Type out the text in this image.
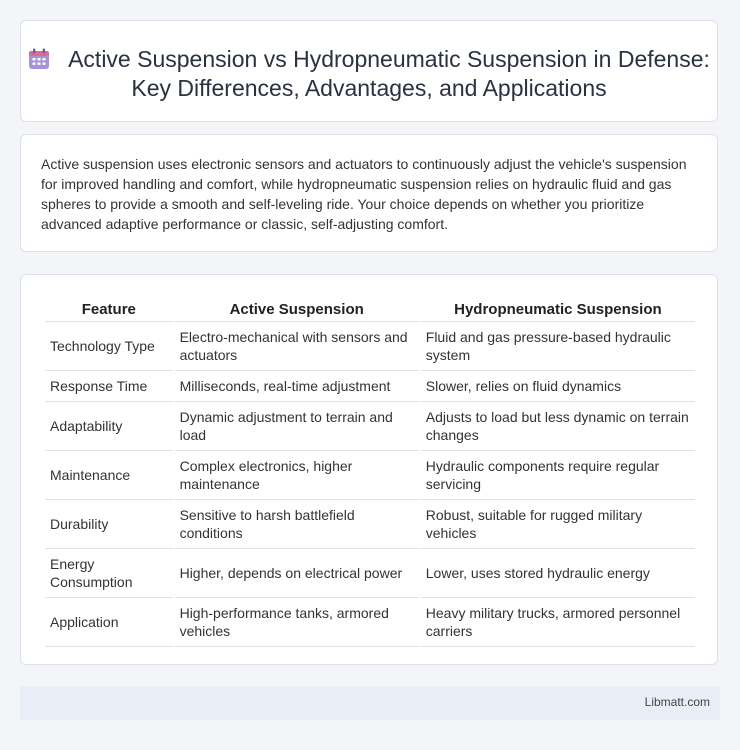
Active Suspension vs Hydropneumatic Suspension in Defense: Key Differences, Advantages, and Applications

Active suspension uses electronic sensors and actuators to continuously adjust the vehicle's suspension for improved handling and comfort, while hydropneumatic suspension relies on hydraulic fluid and gas spheres to provide a smooth and self-leveling ride. Your choice depends on whether you prioritize advanced adaptive performance or classic, self-adjusting comfort.

Feature	Active Suspension	Hydropneumatic Suspension
Technology Type	Electro-mechanical with sensors and actuators	Fluid and gas pressure-based hydraulic system
Response Time	Milliseconds, real-time adjustment	Slower, relies on fluid dynamics
Adaptability	Dynamic adjustment to terrain and load	Adjusts to load but less dynamic on terrain changes
Maintenance	Complex electronics, higher maintenance	Hydraulic components require regular servicing
Durability	Sensitive to harsh battlefield conditions	Robust, suitable for rugged military vehicles
Energy Consumption	Higher, depends on electrical power	Lower, uses stored hydraulic energy
Application	High-performance tanks, armored vehicles	Heavy military trucks, armored personnel carriers
Libmatt.com
